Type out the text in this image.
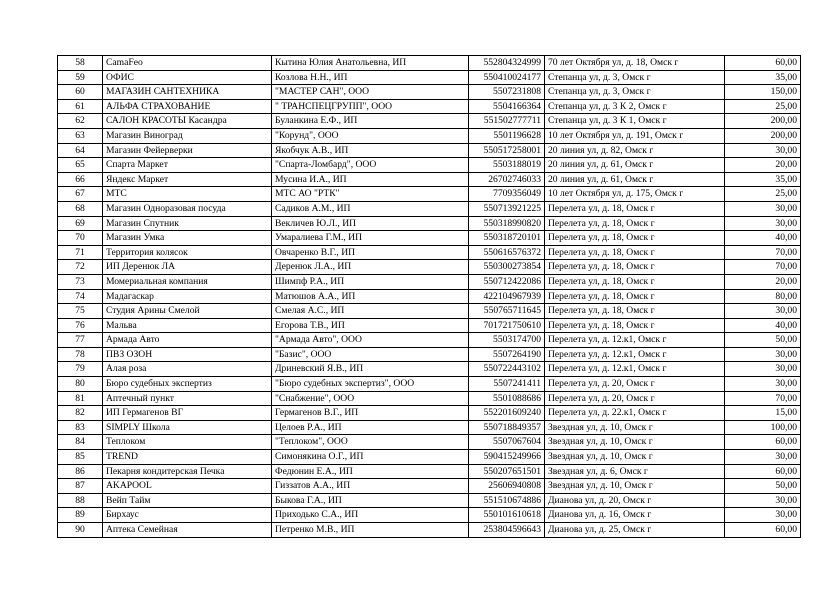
58	CamaFeo	Кытина Юлия Анатольевна, ИП	552804324999	70 лет Октября ул, д. 18, Омск г	60,00
59	ОФИС	Козлова Н.Н., ИП	550410024177	Степанца ул, д. 3, Омск г	35,00
60	МАГАЗИН САНТЕХНИКА	"МАСТЕР САН", ООО	5507231808	Степанца ул, д. 3, Омск г	150,00
61	АЛЬФА СТРАХОВАНИЕ	" ТРАНСПЕЦГРУПП", ООО	5504166364	Степанца ул, д. 3 К 2, Омск г	25,00
62	САЛОН КРАСОТЫ Касандра	Буланкина Е.Ф., ИП	551502777711	Степанца ул, д. 3 К 1, Омск г	200,00
63	Магазин Виноград	"Корунд", ООО	5501196628	10 лет Октября ул, д. 191, Омск г	200,00
64	Магазин Фейерверки	Якобчук А.В., ИП	550517258001	20 линия ул, д. 82, Омск г	30,00
65	Спарта Маркет	"Спарта-Ломбард", ООО	5503188019	20 линия ул, д. 61, Омск г	20,00
66	Яндекс Маркет	Мусина И.А., ИП	26702746033	20 линия ул, д. 61, Омск г	35,00
67	МТС	МТС АО "РТК"	7709356049	10 лет Октября ул, д. 175, Омск г	25,00
68	Магазин Одноразовая посуда	Садиков А.М., ИП	550713921225	Перелета ул, д. 18, Омск г	30,00
69	Магазин Спутник	Векличев Ю.Л., ИП	550318990820	Перелета ул, д. 18, Омск г	30,00
70	Магазин Умка	Умаралиева Г.М., ИП	550318720101	Перелета ул, д. 18, Омск г	40,00
71	Территория колясок	Овчаренко В.Г., ИП	550616576372	Перелета ул, д. 18, Омск г	70,00
72	ИП Деренюк ЛА	Деренюк Л.А., ИП	550300273854	Перелета ул, д. 18, Омск г	70,00
73	Момериальная компания	Шимпф Р.А., ИП	550712422086	Перелета ул, д. 18, Омск г	20,00
74	Мадагаскар	Матюшов А.А., ИП	422104967939	Перелета ул, д. 18, Омск г	80,00
75	Студия Арины Смелой	Смелая А.С., ИП	550765711645	Перелета ул, д. 18, Омск г	30,00
76	Мальва	Егорова Т.В., ИП	701721750610	Перелета ул, д. 18, Омск г	40,00
77	Армада Авто	"Армада Авто", ООО	5503174700	Перелета ул, д. 12.к1, Омск г	50,00
78	ПВЗ ОЗОН	"Базис", ООО	5507264190	Перелета ул, д. 12.к1, Омск г	30,00
79	Алая роза	Дриневский Я.В., ИП	550722443102	Перелета ул, д. 12.к1, Омск г	30,00
80	Бюро судебных экспертиз	"Бюро судебных экспертиз", ООО	5507241411	Перелета ул, д. 20, Омск г	30,00
81	Аптечный пункт	"Снабжение", ООО	5501088686	Перелета ул, д. 20, Омск г	70,00
82	ИП Гермагенов ВГ	Гермагенов В.Г., ИП	552201609240	Перелета ул, д. 22.к1, Омск г	15,00
83	SIMPLY Школа	Целоев Р.А., ИП	550718849357	Звездная ул, д. 10, Омск г	100,00
84	Теплоком	"Теплоком", ООО	5507067604	Звездная ул, д. 10, Омск г	60,00
85	TREND	Симонякина О.Г., ИП	590415249966	Звездная ул, д. 10, Омск г	30,00
86	Пекарня кондитерская Печка	Федюнин Е.А., ИП	550207651501	Звездная ул, д. 6, Омск г	60,00
87	AKAPOOL	Гиззатов А.А., ИП	25606940808	Звездная ул, д. 10, Омск г	50,00
88	Вейп Тайм	Быкова Г.А., ИП	551510674886	Дианова ул, д. 20, Омск г	30,00
89	Бирхаус	Приходько С.А., ИП	550101610618	Дианова ул, д. 16, Омск г	30,00
90	Аптека Семейная	Петренко М.В., ИП	253804596643	Дианова ул, д. 25, Омск г	60,00
